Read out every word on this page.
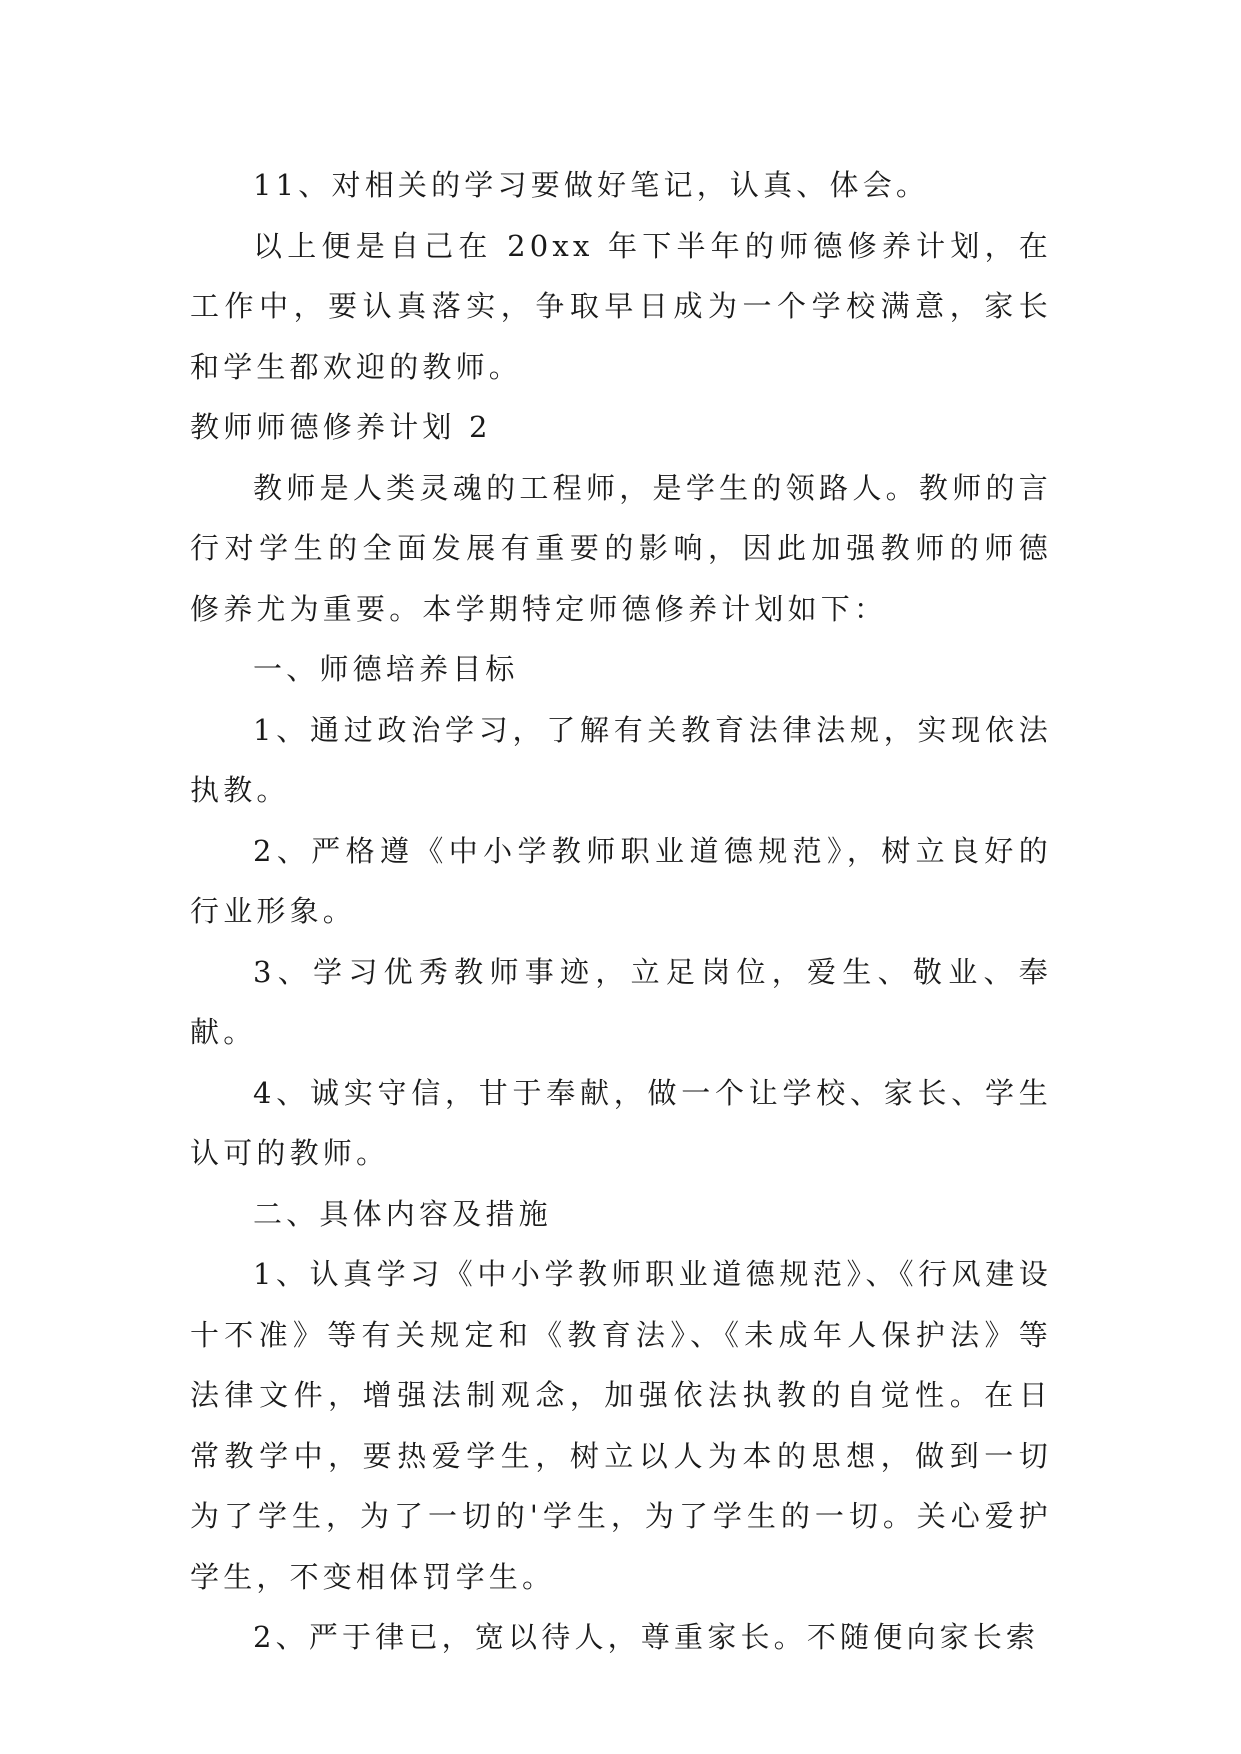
11、对相关的学习要做好笔记，认真、体会。

以上便是自己在 20xx 年下半年的师德修养计划，在工作中，要认真落实，争取早日成为一个学校满意，家长和学生都欢迎的教师。

教师师德修养计划 2

教师是人类灵魂的工程师，是学生的领路人。教师的言行对学生的全面发展有重要的影响，因此加强教师的师德修养尤为重要。本学期特定师德修养计划如下：

一、师德培养目标

1、通过政治学习，了解有关教育法律法规，实现依法执教。

2、严格遵《中小学教师职业道德规范》，树立良好的行业形象。

3、学习优秀教师事迹，立足岗位，爱生、敬业、奉献。

4、诚实守信，甘于奉献，做一个让学校、家长、学生认可的教师。

二、具体内容及措施

1、认真学习《中小学教师职业道德规范》、《行风建设十不准》等有关规定和《教育法》、《未成年人保护法》等法律文件，增强法制观念，加强依法执教的自觉性。在日常教学中，要热爱学生，树立以人为本的思想，做到一切为了学生，为了一切的'学生，为了学生的一切。关心爱护学生，不变相体罚学生。

2、严于律已，宽以待人，尊重家长。不随便向家长索
